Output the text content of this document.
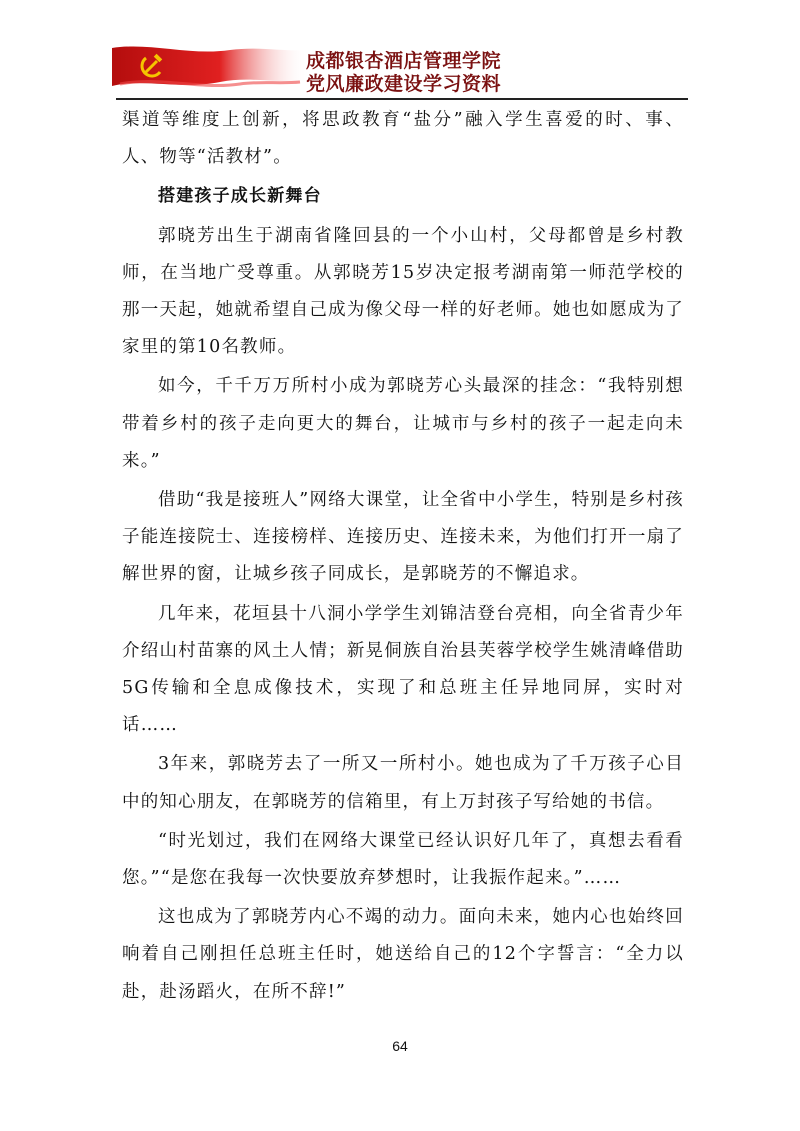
成都银杏酒店管理学院
党风廉政建设学习资料

渠道等维度上创新，将思政教育“盐分”融入学生喜爱的时、事、人、物等“活教材”。

搭建孩子成长新舞台

郭晓芳出生于湖南省隆回县的一个小山村，父母都曾是乡村教师，在当地广受尊重。从郭晓芳15岁决定报考湖南第一师范学校的那一天起，她就希望自己成为像父母一样的好老师。她也如愿成为了家里的第10名教师。

如今，千千万万所村小成为郭晓芳心头最深的挂念：“我特别想带着乡村的孩子走向更大的舞台，让城市与乡村的孩子一起走向未来。”

借助“我是接班人”网络大课堂，让全省中小学生，特别是乡村孩子能连接院士、连接榜样、连接历史、连接未来，为他们打开一扇了解世界的窗，让城乡孩子同成长，是郭晓芳的不懈追求。

几年来，花垣县十八洞小学学生刘锦洁登台亮相，向全省青少年介绍山村苗寨的风土人情；新晃侗族自治县芙蓉学校学生姚清峰借助5G传输和全息成像技术，实现了和总班主任异地同屏，实时对话……

3年来，郭晓芳去了一所又一所村小。她也成为了千万孩子心目中的知心朋友，在郭晓芳的信箱里，有上万封孩子写给她的书信。

“时光划过，我们在网络大课堂已经认识好几年了，真想去看看您。”“是您在我每一次快要放弃梦想时，让我振作起来。”……

这也成为了郭晓芳内心不竭的动力。面向未来，她内心也始终回响着自己刚担任总班主任时，她送给自己的12个字誓言：“全力以赴，赴汤蹈火，在所不辞!”

64
